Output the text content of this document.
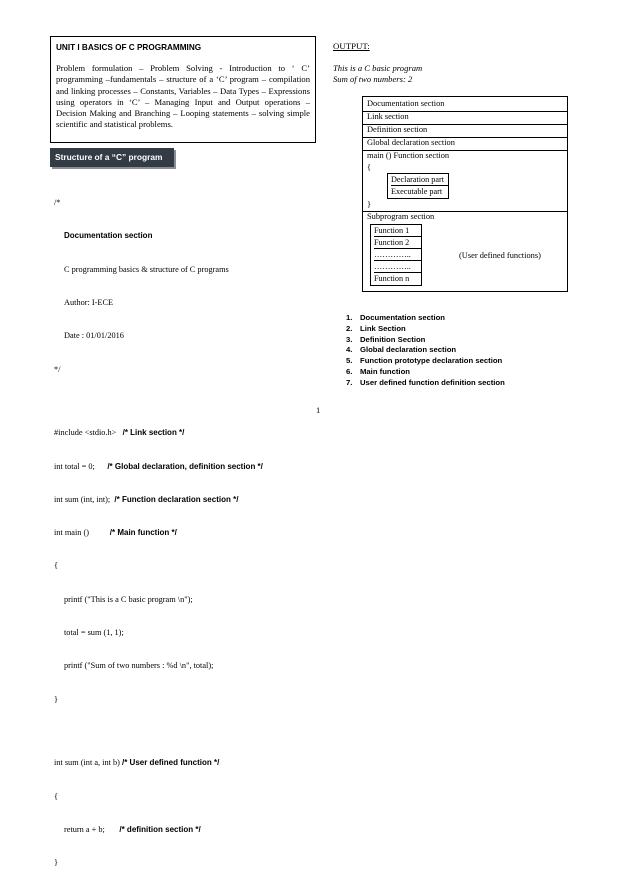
UNIT I BASICS OF C PROGRAMMING
Problem formulation – Problem Solving - Introduction to ‘ C’ programming –fundamentals – structure of a ‘C’ program – compilation and linking processes – Constants, Variables – Data Types – Expressions using operators in ‘C’ – Managing Input and Output operations – Decision Making and Branching – Looping statements – solving simple scientific and statistical problems.
Structure of a “C” program

/*

Documentation section

C programming basics & structure of C programs

Author: I-ECE

Date : 01/01/2016

*/

#include <stdio.h>   /* Link section */

int total = 0;      /* Global declaration, definition section */

int sum (int, int);  /* Function declaration section */

int main ()          /* Main function */

{

printf ("This is a C basic program \n");

total = sum (1, 1);

printf ("Sum of two numbers : %d \n", total);

}

int sum (int a, int b) /* User defined function */

{

return a + b;       /* definition section */

}

OUTPUT:
This is a C basic program
Sum of two numbers: 2
Documentation section
Link section
Definition section
Global declaration section
main () Function section
{
Declaration part
Executable part
}
Subprogram section
Function 1
Function 2
…………..
…………..
Function n
(User defined functions)
1. Documentation section
2. Link Section
3. Definition Section
4. Global declaration section
5. Function prototype declaration section
6. Main function
7. User defined function definition section
1
